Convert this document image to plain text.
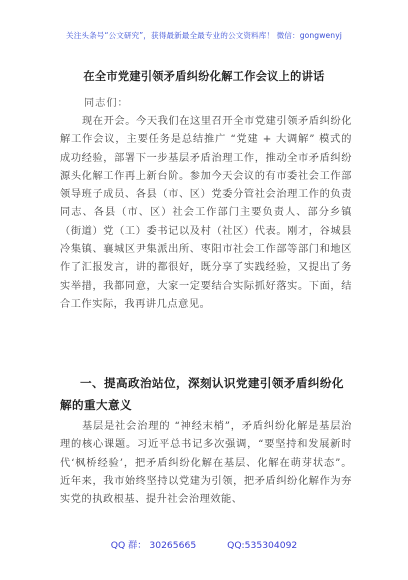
关注头条号“公文研究”，获得最新最全最专业的公文资料库！ 微信：gongwenyj
在全市党建引领矛盾纠纷化解工作会议上的讲话
同志们：
现在开会。今天我们在这里召开全市党建引领矛盾纠纷化解工作会议，主要任务是总结推广 “党建 + 大调解” 模式的成功经验，部署下一步基层矛盾治理工作，推动全市矛盾纠纷源头化解工作再上新台阶。参加今天会议的有市委社会工作部领导班子成员、各县（市、区）党委分管社会治理工作的负责同志、各县（市、区）社会工作部门主要负责人、部分乡镇（街道）党（工）委书记以及村（社区）代表。刚才，谷城县冷集镇、襄城区尹集派出所、枣阳市社会工作部等部门和地区作了汇报发言，讲的都很好，既分享了实践经验，又提出了务实举措，我都同意，大家一定要结合实际抓好落实。下面，结合工作实际，我再讲几点意见。
一、提高政治站位，深刻认识党建引领矛盾纠纷化解的重大意义
基层是社会治理的 “神经末梢”，矛盾纠纷化解是基层治理的核心课题。习近平总书记多次强调，“要坚持和发展新时代‘枫桥经验’，把矛盾纠纷化解在基层、化解在萌芽状态”。近年来，我市始终坚持以党建为引领，把矛盾纠纷化解作为夯实党的执政根基、提升社会治理效能、
QQ 群： 30265665	QQ:535304092
